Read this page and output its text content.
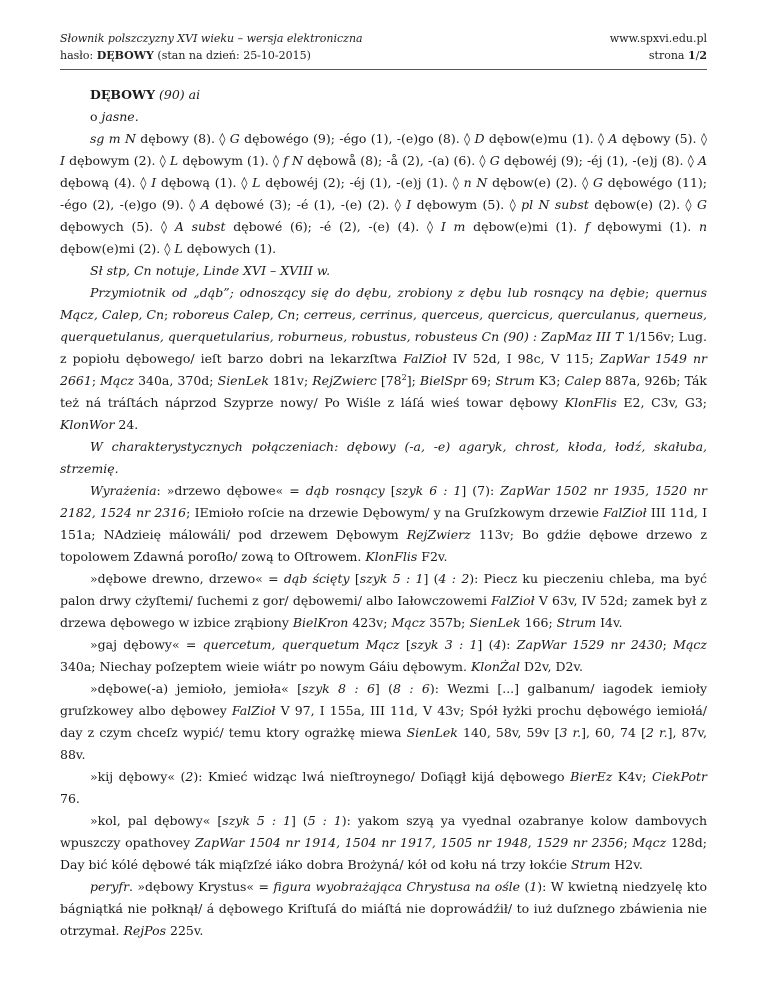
Słownik polszczyzny XVI wieku – wersja elektroniczna
hasło: DĘBOWY (stan na dzień: 25-10-2015)
www.spxvi.edu.pl
strona 1/2

DĘBOWY (90) ai

o jasne.

sg m N dębowy (8). ◊ G dębowégo (9); -égo (1), -(e)go (8). ◊ D dębow(e)mu (1). ◊ A dębowy (5). ◊ I dębowym (2). ◊ L dębowym (1). ◊ f N dębowå (8); -å (2), -(a) (6). ◊ G dębowéj (9); -éj (1), -(e)j (8). ◊ A dębową (4). ◊ I dębową (1). ◊ L dębowéj (2); -éj (1), -(e)j (1). ◊ n N dębow(e) (2). ◊ G dębowégo (11); -égo (2), -(e)go (9). ◊ A dębowé (3); -é (1), -(e) (2). ◊ I dębowym (5). ◊ pl N subst dębow(e) (2). ◊ G dębowych (5). ◊ A subst dębowé (6); -é (2), -(e) (4). ◊ I m dębow(e)mi (1). f dębowymi (1). n dębow(e)mi (2). ◊ L dębowych (1).

Sł stp, Cn notuje, Linde XVI – XVIII w.

Przymiotnik od „dąb”; odnoszący się do dębu, zrobiony z dębu lub rosnący na dębie; quernus Mącz, Calep, Cn; roboreus Calep, Cn; cerreus, cerrinus, querceus, quercicus, querculanus, querneus, querquetulanus, querquetularius, roburneus, robustus, robusteus Cn (90) : ZapMaz III T 1/156v; Lug. z popiołu dębowego/ ieſt barzo dobri na lekarzſtwa FalZioł IV 52d, I 98c, V 115; ZapWar 1549 nr 2661; Mącz 340a, 370d; SienLek 181v; RejZwierc $[78^2]$; BielSpr 69; Strum K3; Calep 887a, 926b; Ták też ná tráſtách náprzod Szyprze nowy/ Po Wiśle z láſá wieś towar dębowy KlonFlis E2, C3v, G3; KlonWor 24.

W charakterystycznych połączeniach: dębowy (-a, -e) agaryk, chrost, kłoda, łodź, skałuba, strzemię.

Wyrażenia: »drzewo dębowe« = dąb rosnący [szyk 6 : 1] (7): ZapWar 1502 nr 1935, 1520 nr 2182, 1524 nr 2316; IEmioło roſcie na drzewie Dębowym/ y na Gruſzkowym drzewie FalZioł III 11d, I 151a; NAdzieię málowáli/ pod drzewem Dębowym RejZwierz 113v; Bo gdźie dębowe drzewo z topolowem Zdawná poroſło/ zową to Oſtrowem. KlonFlis F2v.

»dębowe drewno, drzewo« = dąb ścięty [szyk 5 : 1] (4 : 2): Piecz ku pieczeniu chleba, ma być palon drwy cżyſtemi/ ſuchemi z gor/ dębowemi/ albo Iałowczowemi FalZioł V 63v, IV 52d; zamek był z drzewa dębowego w izbice zrąbiony BielKron 423v; Mącz 357b; SienLek 166; Strum I4v.

»gaj dębowy« = quercetum, querquetum Mącz [szyk 3 : 1] (4): ZapWar 1529 nr 2430; Mącz 340a; Niechay poſzeptem wieie wiátr po nowym Gáiu dębowym. KlonŻal D2v, D2v.

»dębowe(-a) jemioło, jemioła« [szyk 8 : 6] (8 : 6): Wezmi [...] galbanum/ iagodek iemioły gruſzkowey albo dębowey FalZioł V 97, I 155a, III 11d, V 43v; Spół łyżki prochu dębowégo iemiołá/ day z czym chceſz wypić/ temu ktory ograżkę miewa SienLek 140, 58v, 59v [3 r.], 60, 74 [2 r.], 87v, 88v.

»kij dębowy« (2): Kmieć widząc lwá nieſtroynego/ Doſiągł kijá dębowego BierEz K4v; CiekPotr 76.

»kol, pal dębowy« [szyk 5 : 1] (5 : 1): yakom szyą ya vyednal ozabranye kolow dambovych wpuszczy opathovey ZapWar 1504 nr 1914, 1504 nr 1917, 1505 nr 1948, 1529 nr 2356; Mącz 128d; Day bić kólé dębowé ták miąſzſzé iáko dobra Brożyná/ kół od kołu ná trzy łokćie Strum H2v.

peryfr. »dębowy Krystus« = figura wyobrażająca Chrystusa na ośle (1): W kwietną niedzyelę kto bágniątká nie połknął/ á dębowego Kriſtuſá do miáſtá nie doprowádźił/ to iuż duſznego zbáwienia nie otrzymał. RejPos 225v.
